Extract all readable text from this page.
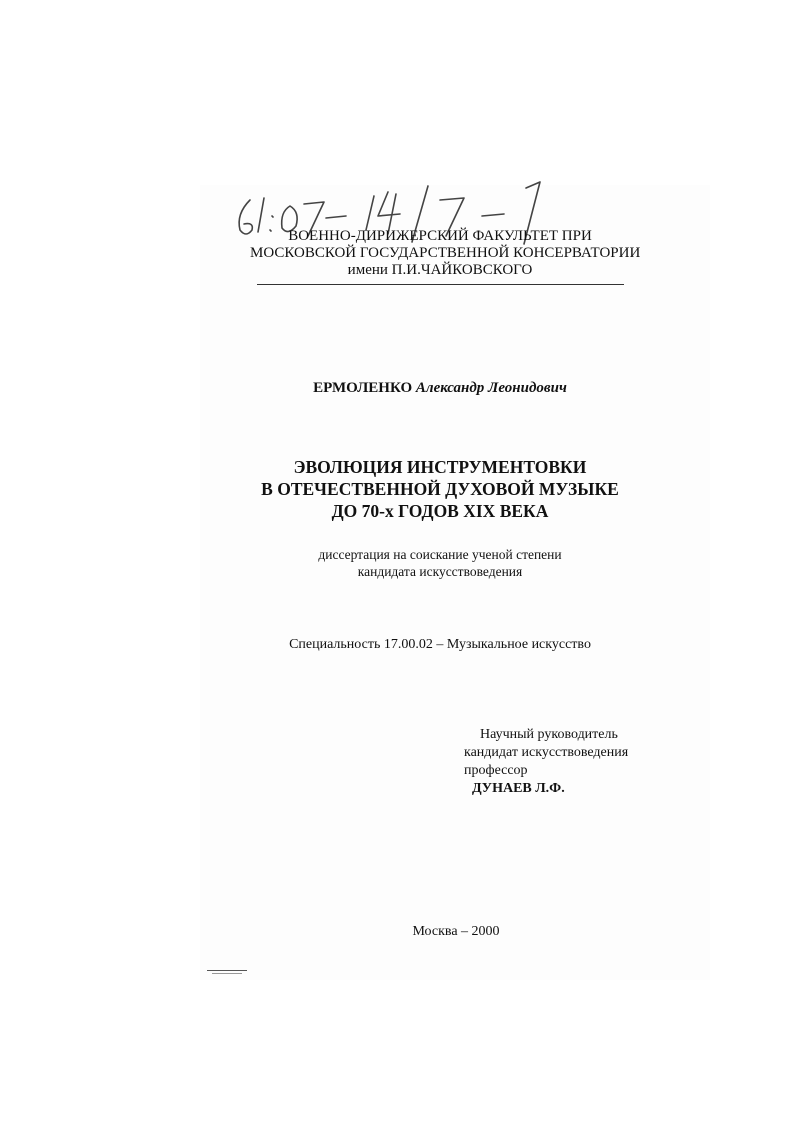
ВОЕННО-ДИРИЖЕРСКИЙ ФАКУЛЬТЕТ ПРИ
МОСКОВСКОЙ ГОСУДАРСТВЕННОЙ КОНСЕРВАТОРИИ
имени П.И.ЧАЙКОВСКОГО
ЕРМОЛЕНКО Александр Леонидович
ЭВОЛЮЦИЯ ИНСТРУМЕНТОВКИ
В ОТЕЧЕСТВЕННОЙ ДУХОВОЙ МУЗЫКЕ
ДО 70-х ГОДОВ XIX ВЕКА
диссертация на соискание ученой степени
кандидата искусствоведения
Специальность 17.00.02 – Музыкальное искусство
Научный руководитель
кандидат искусствоведения
профессор
ДУНАЕВ Л.Ф.
Москва – 2000
